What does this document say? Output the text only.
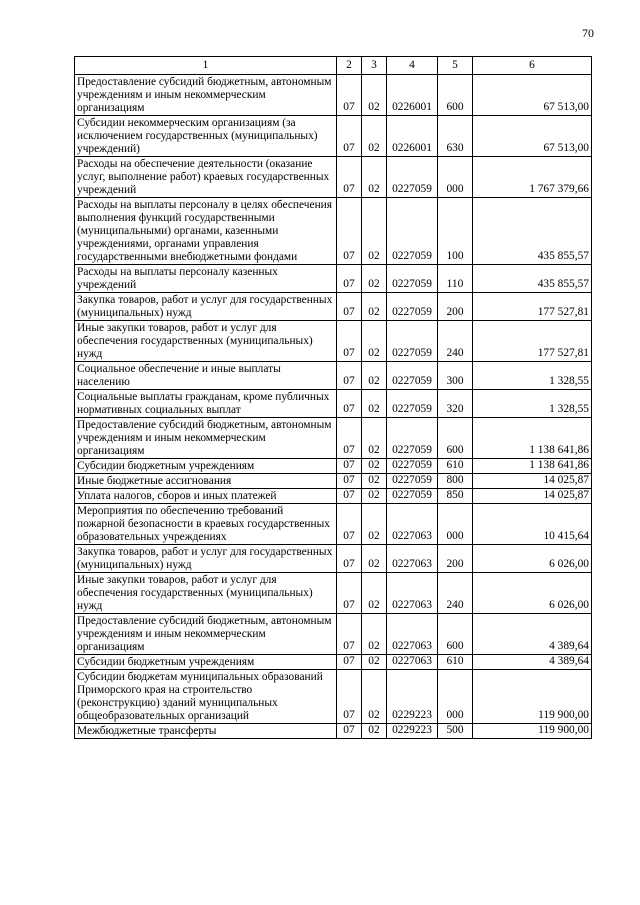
70
1	2	3	4	5	6
Предоставление субсидий бюджетным, автономным учреждениям и иным некоммерческим организациям	07	02	0226001	600	67 513,00
Субсидии некоммерческим организациям (за исключением государственных (муниципальных) учреждений)	07	02	0226001	630	67 513,00
Расходы на обеспечение деятельности (оказание услуг, выполнение работ) краевых государственных учреждений	07	02	0227059	000	1 767 379,66
Расходы на выплаты персоналу в целях обеспечения выполнения функций государственными (муниципальными) органами, казенными учреждениями, органами управления государственными внебюджетными фондами	07	02	0227059	100	435 855,57
Расходы на выплаты персоналу казенных учреждений	07	02	0227059	110	435 855,57
Закупка товаров, работ и услуг для государственных (муниципальных) нужд	07	02	0227059	200	177 527,81
Иные закупки товаров, работ и услуг для обеспечения государственных (муниципальных) нужд	07	02	0227059	240	177 527,81
Социальное обеспечение и иные выплаты населению	07	02	0227059	300	1 328,55
Социальные выплаты гражданам, кроме публичных нормативных социальных выплат	07	02	0227059	320	1 328,55
Предоставление субсидий бюджетным, автономным учреждениям и иным некоммерческим организациям	07	02	0227059	600	1 138 641,86
Субсидии бюджетным учреждениям	07	02	0227059	610	1 138 641,86
Иные бюджетные ассигнования	07	02	0227059	800	14 025,87
Уплата налогов, сборов и иных платежей	07	02	0227059	850	14 025,87
Мероприятия по обеспечению требований пожарной безопасности в краевых государственных образовательных учреждениях	07	02	0227063	000	10 415,64
Закупка товаров, работ и услуг для государственных (муниципальных) нужд	07	02	0227063	200	6 026,00
Иные закупки товаров, работ и услуг для обеспечения государственных (муниципальных) нужд	07	02	0227063	240	6 026,00
Предоставление субсидий бюджетным, автономным учреждениям и иным некоммерческим организациям	07	02	0227063	600	4 389,64
Субсидии бюджетным учреждениям	07	02	0227063	610	4 389,64
Субсидии бюджетам муниципальных образований Приморского края на строительство (реконструкцию) зданий муниципальных общеобразовательных организаций	07	02	0229223	000	119 900,00
Межбюджетные трансферты	07	02	0229223	500	119 900,00
